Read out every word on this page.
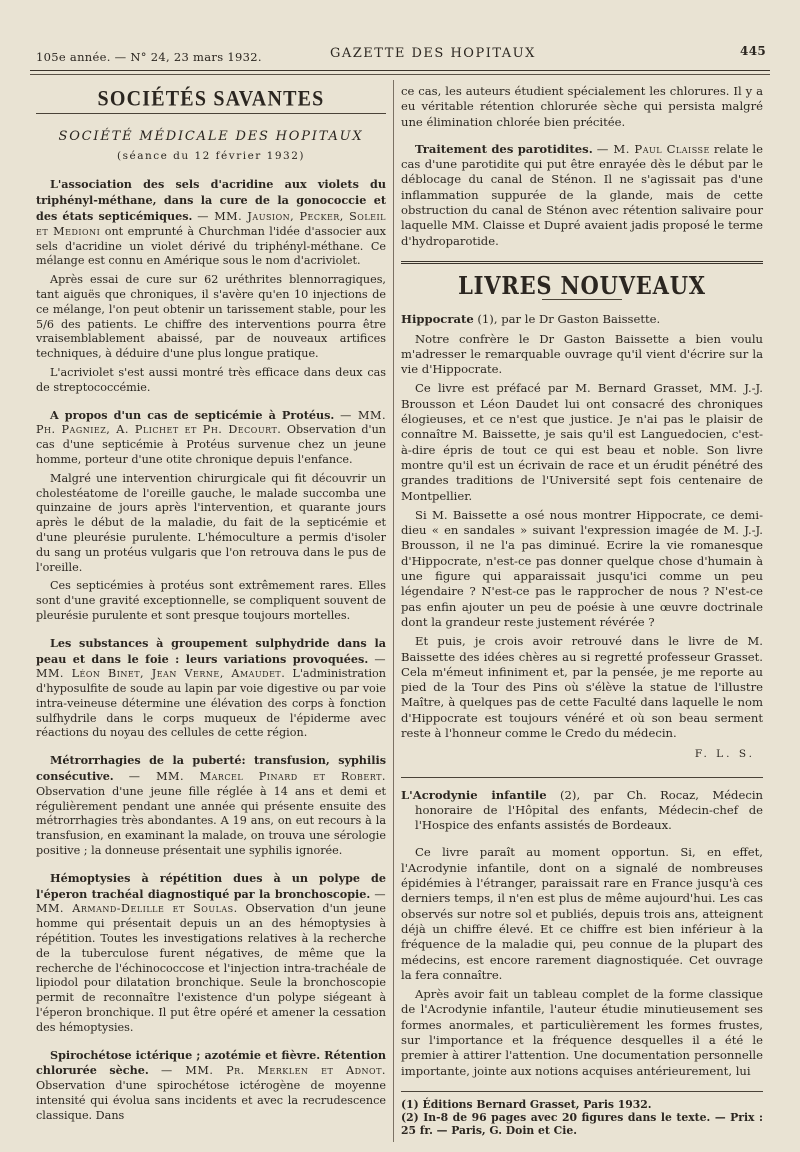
105e année. — N° 24, 23 mars 1932.	GAZETTE DES HOPITAUX	445
SOCIÉTÉS SAVANTES
SOCIÉTÉ MÉDICALE DES HOPITAUX
(séance du 12 février 1932)

L'association des sels d'acridine aux violets du triphényl-méthane, dans la cure de la gonococcie et des états septicémiques. — MM. Jausion, Pecker, Soleil et Medioni ont emprunté à Churchman l'idée d'associer aux sels d'acridine un violet dérivé du triphényl-méthane. Ce mélange est connu en Amérique sous le nom d'acriviolet.

Après essai de cure sur 62 uréthrites blennorragiques, tant aiguës que chroniques, il s'avère qu'en 10 injections de ce mélange, l'on peut obtenir un tarissement stable, pour les 5/6 des patients. Le chiffre des interventions pourra être vraisemblablement abaissé, par de nouveaux artifices techniques, à déduire d'une plus longue pratique.

L'acriviolet s'est aussi montré très efficace dans deux cas de streptococcémie.

A propos d'un cas de septicémie à Protéus. — MM. Ph. Pagniez, A. Plichet et Ph. Decourt. Observation d'un cas d'une septicémie à Protéus survenue chez un jeune homme, porteur d'une otite chronique depuis l'enfance.

Malgré une intervention chirurgicale qui fit découvrir un cholestéatome de l'oreille gauche, le malade succomba une quinzaine de jours après l'intervention, et quarante jours après le début de la maladie, du fait de la septicémie et d'une pleurésie purulente. L'hémoculture a permis d'isoler du sang un protéus vulgaris que l'on retrouva dans le pus de l'oreille.

Ces septicémies à protéus sont extrêmement rares. Elles sont d'une gravité exceptionnelle, se compliquent souvent de pleurésie purulente et sont presque toujours mortelles.

Les substances à groupement sulphydride dans la peau et dans le foie : leurs variations provoquées. — MM. Léon Binet, Jean Verne, Amaudet. L'administration d'hyposulfite de soude au lapin par voie digestive ou par voie intra-veineuse détermine une élévation des corps à fonction sulfhydrile dans le corps muqueux de l'épiderme avec réactions du noyau des cellules de cette région.

Métrorrhagies de la puberté: transfusion, syphilis consécutive. — MM. Marcel Pinard et Robert. Observation d'une jeune fille réglée à 14 ans et demi et régulièrement pendant une année qui présente ensuite des métrorrhagies très abondantes. A 19 ans, on eut recours à la transfusion, en examinant la malade, on trouva une sérologie positive ; la donneuse présentait une syphilis ignorée.

Hémoptysies à répétition dues à un polype de l'éperon trachéal diagnostiqué par la bronchoscopie. — MM. Armand-Delille et Soulas. Observation d'un jeune homme qui présentait depuis un an des hémoptysies à répétition. Toutes les investigations relatives à la recherche de la tuberculose furent négatives, de même que la recherche de l'échinococcose et l'injection intra-trachéale de lipiodol pour dilatation bronchique. Seule la bronchoscopie permit de reconnaître l'existence d'un polype siégeant à l'éperon bronchique. Il put être opéré et amener la cessation des hémoptysies.

Spirochétose ictérique ; azotémie et fièvre. Rétention chlorurée sèche. — MM. Pr. Merklen et Adnot. Observation d'une spirochétose ictérogène de moyenne intensité qui évolua sans incidents et avec la recrudescence classique. Dans

ce cas, les auteurs étudient spécialement les chlorures. Il y a eu véritable rétention chlorurée sèche qui persista malgré une élimination chlorée bien précitée.

Traitement des parotidites. — M. Paul Claisse relate le cas d'une parotidite qui put être enrayée dès le début par le déblocage du canal de Sténon. Il ne s'agissait pas d'une inflammation suppurée de la glande, mais de cette obstruction du canal de Sténon avec rétention salivaire pour laquelle MM. Claisse et Dupré avaient jadis proposé le terme d'hydroparotide.

LIVRES NOUVEAUX

Hippocrate (1), par le Dr Gaston Baissette.

Notre confrère le Dr Gaston Baissette a bien voulu m'adresser le remarquable ouvrage qu'il vient d'écrire sur la vie d'Hippocrate.

Ce livre est préfacé par M. Bernard Grasset, MM. J.-J. Brousson et Léon Daudet lui ont consacré des chroniques élogieuses, et ce n'est que justice. Je n'ai pas le plaisir de connaître M. Baissette, je sais qu'il est Languedocien, c'est-à-dire épris de tout ce qui est beau et noble. Son livre montre qu'il est un écrivain de race et un érudit pénétré des grandes traditions de l'Université sept fois centenaire de Montpellier.

Si M. Baissette a osé nous montrer Hippocrate, ce demi-dieu « en sandales » suivant l'expression imagée de M. J.-J. Brousson, il ne l'a pas diminué. Ecrire la vie romanesque d'Hippocrate, n'est-ce pas donner quelque chose d'humain à une figure qui apparaissait jusqu'ici comme un peu légendaire ? N'est-ce pas le rapprocher de nous ? N'est-ce pas enfin ajouter un peu de poésie à une œuvre doctrinale dont la grandeur reste justement révérée ?

Et puis, je crois avoir retrouvé dans le livre de M. Baissette des idées chères au si regretté professeur Grasset. Cela m'émeut infiniment et, par la pensée, je me reporte au pied de la Tour des Pins où s'élève la statue de l'illustre Maître, à quelques pas de cette Faculté dans laquelle le nom d'Hippocrate est toujours vénéré et où son beau serment reste à l'honneur comme le Credo du médecin.

F. L. S.

L'Acrodynie infantile (2), par Ch. Rocaz, Médecin honoraire de l'Hôpital des enfants, Médecin-chef de l'Hospice des enfants assistés de Bordeaux.

Ce livre paraît au moment opportun. Si, en effet, l'Acrodynie infantile, dont on a signalé de nombreuses épidémies à l'étranger, paraissait rare en France jusqu'à ces derniers temps, il n'en est plus de même aujourd'hui. Les cas observés sur notre sol et publiés, depuis trois ans, atteignent déjà un chiffre élevé. Et ce chiffre est bien inférieur à la fréquence de la maladie qui, peu connue de la plupart des médecins, est encore rarement diagnostiquée. Cet ouvrage la fera connaître.

Après avoir fait un tableau complet de la forme classique de l'Acrodynie infantile, l'auteur étudie minutieusement ses formes anormales, et particulièrement les formes frustes, sur l'importance et la fréquence desquelles il a été le premier à attirer l'attention. Une documentation personnelle importante, jointe aux notions acquises antérieurement, lui

(1) Éditions Bernard Grasset, Paris 1932.
(2) In-8 de 96 pages avec 20 figures dans le texte. — Prix : 25 fr. — Paris, G. Doin et Cie.
